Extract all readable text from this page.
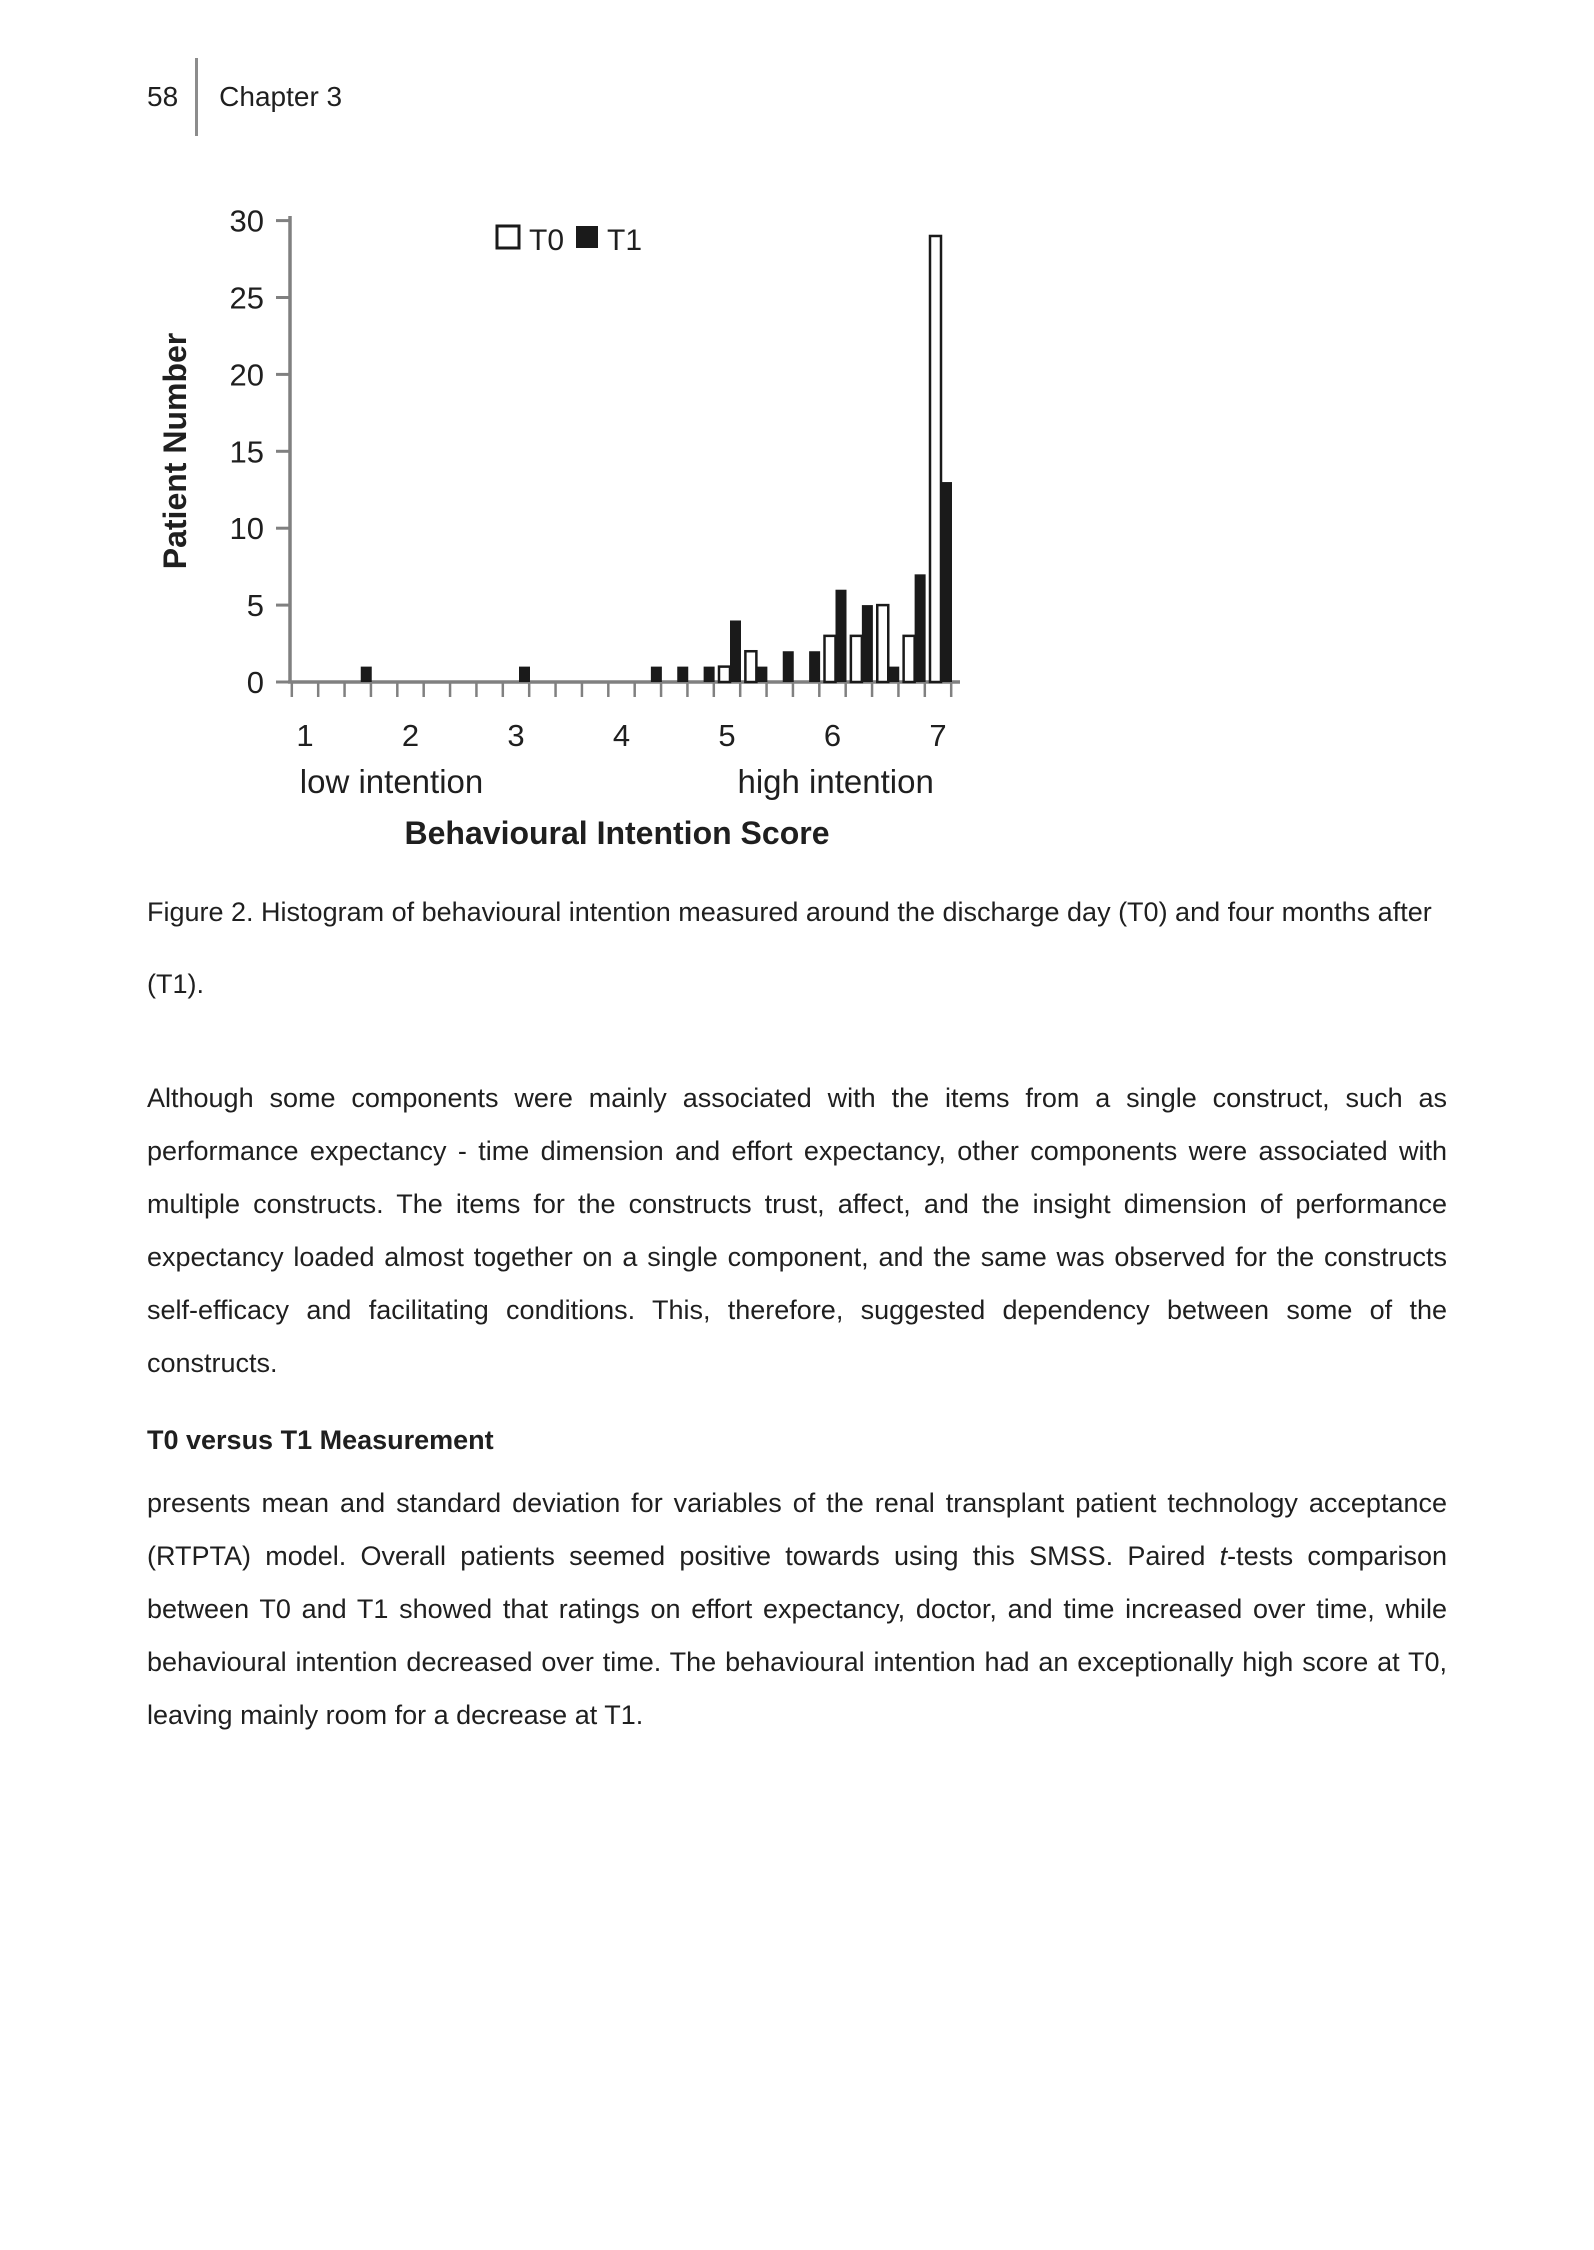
58 Chapter 3
Patient Number
T0 T1
0
5
10
15
20
25
30
1	2	3	4	5	6	7
low intention	high intention
Behavioural Intention Score

Figure 2. Histogram of behavioural intention measured around the discharge day (T0) and four months after (T1).

Although some components were mainly associated with the items from a single construct, such as performance expectancy - time dimension and effort expectancy, other components were associated with multiple constructs. The items for the constructs trust, affect, and the insight dimension of performance expectancy loaded almost together on a single component, and the same was observed for the constructs self-efficacy and facilitating conditions. This, therefore, suggested dependency between some of the constructs.

T0 versus T1 Measurement

presents mean and standard deviation for variables of the renal transplant patient technology acceptance (RTPTA) model. Overall patients seemed positive towards using this SMSS. Paired t-tests comparison between T0 and T1 showed that ratings on effort expectancy, doctor, and time increased over time, while behavioural intention decreased over time. The behavioural intention had an exceptionally high score at T0, leaving mainly room for a decrease at T1.
